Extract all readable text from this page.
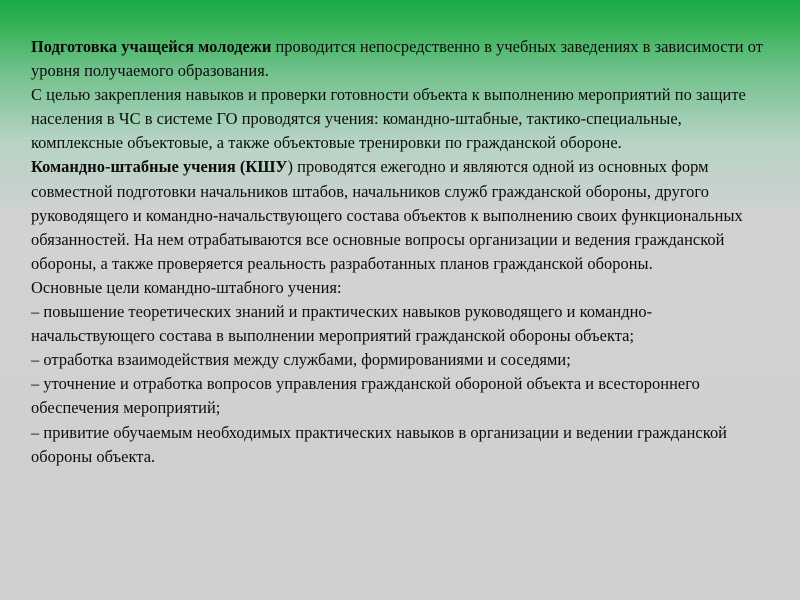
Подготовка учащейся молодежи проводится непосредственно в учебных заведениях в зависимости от уровня получаемого образования.

С целью закрепления навыков и проверки готовности объекта к выполнению мероприятий по защите населения в ЧС в системе ГО проводятся учения: командно-штабные, тактико-специальные, комплексные объектовые, а также объектовые тренировки по гражданской обороне.

Командно-штабные учения (КШУ) проводятся ежегодно и являются одной из основных форм совместной подготовки начальников штабов, начальников служб гражданской обороны, другого руководящего и командно-начальствующего состава объектов к выполнению своих функциональных обязанностей. На нем отрабатываются все основные вопросы организации и ведения гражданской обороны, а также проверяется реальность разработанных планов гражданской обороны.

Основные цели командно-штабного учения:

– повышение теоретических знаний и практических навыков руководящего и командно-начальствующего состава в выполнении мероприятий гражданской обороны объекта;

– отработка взаимодействия между службами, формированиями и соседями;

– уточнение и отработка вопросов управления гражданской обороной объекта и всестороннего обеспечения мероприятий;

– привитие обучаемым необходимых практических навыков в организации и ведении гражданской обороны объекта.
